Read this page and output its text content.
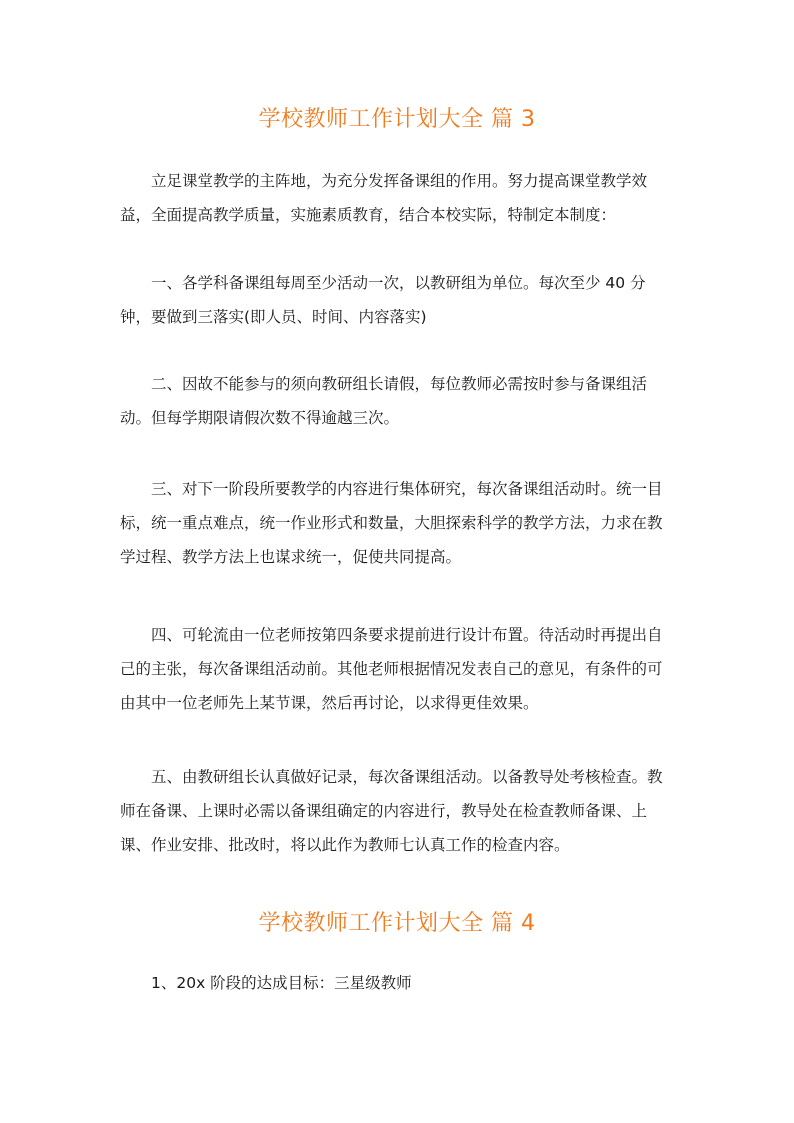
学校教师工作计划大全 篇 3

立足课堂教学的主阵地，为充分发挥备课组的作用。努力提高课堂教学效益，全面提高教学质量，实施素质教育，结合本校实际，特制定本制度：

一、各学科备课组每周至少活动一次，以教研组为单位。每次至少 40 分钟，要做到三落实(即人员、时间、内容落实)

二、因故不能参与的须向教研组长请假，每位教师必需按时参与备课组活动。但每学期限请假次数不得逾越三次。

三、对下一阶段所要教学的内容进行集体研究，每次备课组活动时。统一目标，统一重点难点，统一作业形式和数量，大胆探索科学的教学方法，力求在教学过程、教学方法上也谋求统一，促使共同提高。

四、可轮流由一位老师按第四条要求提前进行设计布置。待活动时再提出自己的主张，每次备课组活动前。其他老师根据情况发表自己的意见，有条件的可由其中一位老师先上某节课，然后再讨论，以求得更佳效果。

五、由教研组长认真做好记录，每次备课组活动。以备教导处考核检查。教师在备课、上课时必需以备课组确定的内容进行，教导处在检查教师备课、上课、作业安排、批改时，将以此作为教师七认真工作的检查内容。

学校教师工作计划大全 篇 4

1、20x 阶段的达成目标：三星级教师
